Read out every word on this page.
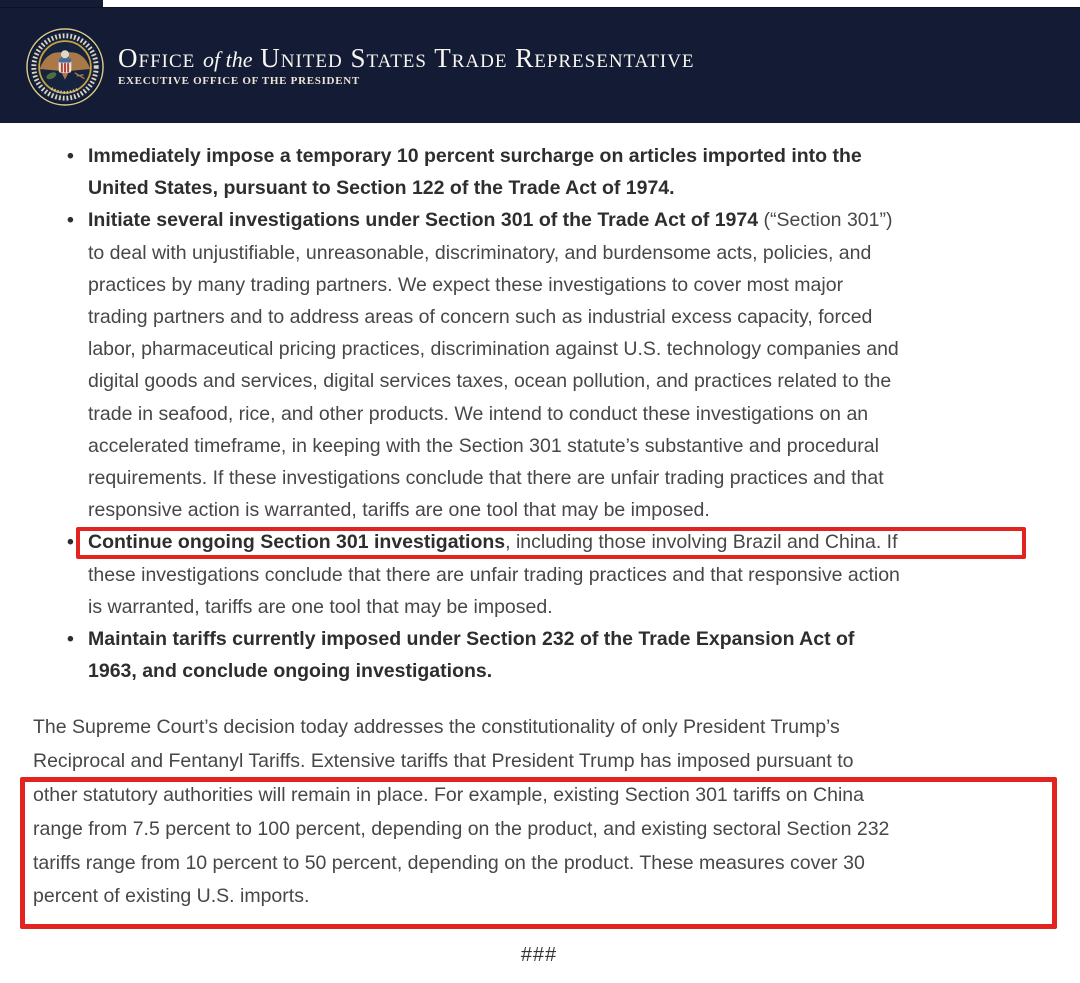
Office of the United States Trade Representative
EXECUTIVE OFFICE OF THE PRESIDENT
• Immediately impose a temporary 10 percent surcharge on articles imported into the
United States, pursuant to Section 122 of the Trade Act of 1974.
• Initiate several investigations under Section 301 of the Trade Act of 1974 (“Section 301”)
to deal with unjustifiable, unreasonable, discriminatory, and burdensome acts, policies, and
practices by many trading partners. We expect these investigations to cover most major
trading partners and to address areas of concern such as industrial excess capacity, forced
labor, pharmaceutical pricing practices, discrimination against U.S. technology companies and
digital goods and services, digital services taxes, ocean pollution, and practices related to the
trade in seafood, rice, and other products. We intend to conduct these investigations on an
accelerated timeframe, in keeping with the Section 301 statute’s substantive and procedural
requirements. If these investigations conclude that there are unfair trading practices and that
responsive action is warranted, tariffs are one tool that may be imposed.
• Continue ongoing Section 301 investigations, including those involving Brazil and China. If
these investigations conclude that there are unfair trading practices and that responsive action
is warranted, tariffs are one tool that may be imposed.
• Maintain tariffs currently imposed under Section 232 of the Trade Expansion Act of
1963, and conclude ongoing investigations.
The Supreme Court’s decision today addresses the constitutionality of only President Trump’s
Reciprocal and Fentanyl Tariffs. Extensive tariffs that President Trump has imposed pursuant to
other statutory authorities will remain in place. For example, existing Section 301 tariffs on China
range from 7.5 percent to 100 percent, depending on the product, and existing sectoral Section 232
tariffs range from 10 percent to 50 percent, depending on the product. These measures cover 30
percent of existing U.S. imports.
###
